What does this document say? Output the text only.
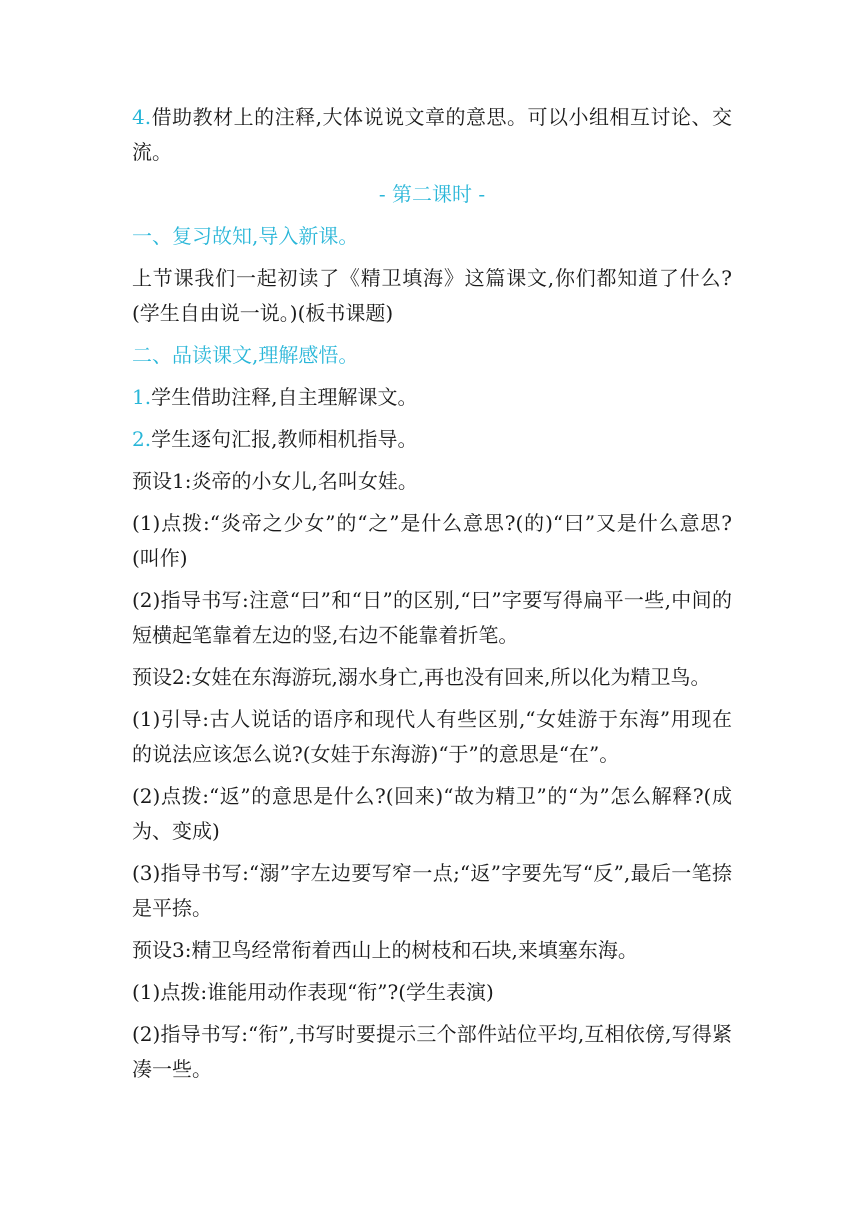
4.借助教材上的注释,大体说说文章的意思。可以小组相互讨论、交流。
- 第二课时 -
一、复习故知,导入新课。
上节课我们一起初读了《精卫填海》这篇课文,你们都知道了什么?(学生自由说一说。)(板书课题)
二、品读课文,理解感悟。
1.学生借助注释,自主理解课文。
2.学生逐句汇报,教师相机指导。
预设1:炎帝的小女儿,名叫女娃。
(1)点拨:“炎帝之少女”的“之”是什么意思?(的)“曰”又是什么意思?(叫作)
(2)指导书写:注意“曰”和“日”的区别,“曰”字要写得扁平一些,中间的短横起笔靠着左边的竖,右边不能靠着折笔。
预设2:女娃在东海游玩,溺水身亡,再也没有回来,所以化为精卫鸟。
(1)引导:古人说话的语序和现代人有些区别,“女娃游于东海”用现在的说法应该怎么说?(女娃于东海游)“于”的意思是“在”。
(2)点拨:“返”的意思是什么?(回来)“故为精卫”的“为”怎么解释?(成为、变成)
(3)指导书写:“溺”字左边要写窄一点;“返”字要先写“反”,最后一笔捺是平捺。
预设3:精卫鸟经常衔着西山上的树枝和石块,来填塞东海。
(1)点拨:谁能用动作表现“衔”?(学生表演)
(2)指导书写:“衔”,书写时要提示三个部件站位平均,互相依傍,写得紧凑一些。
